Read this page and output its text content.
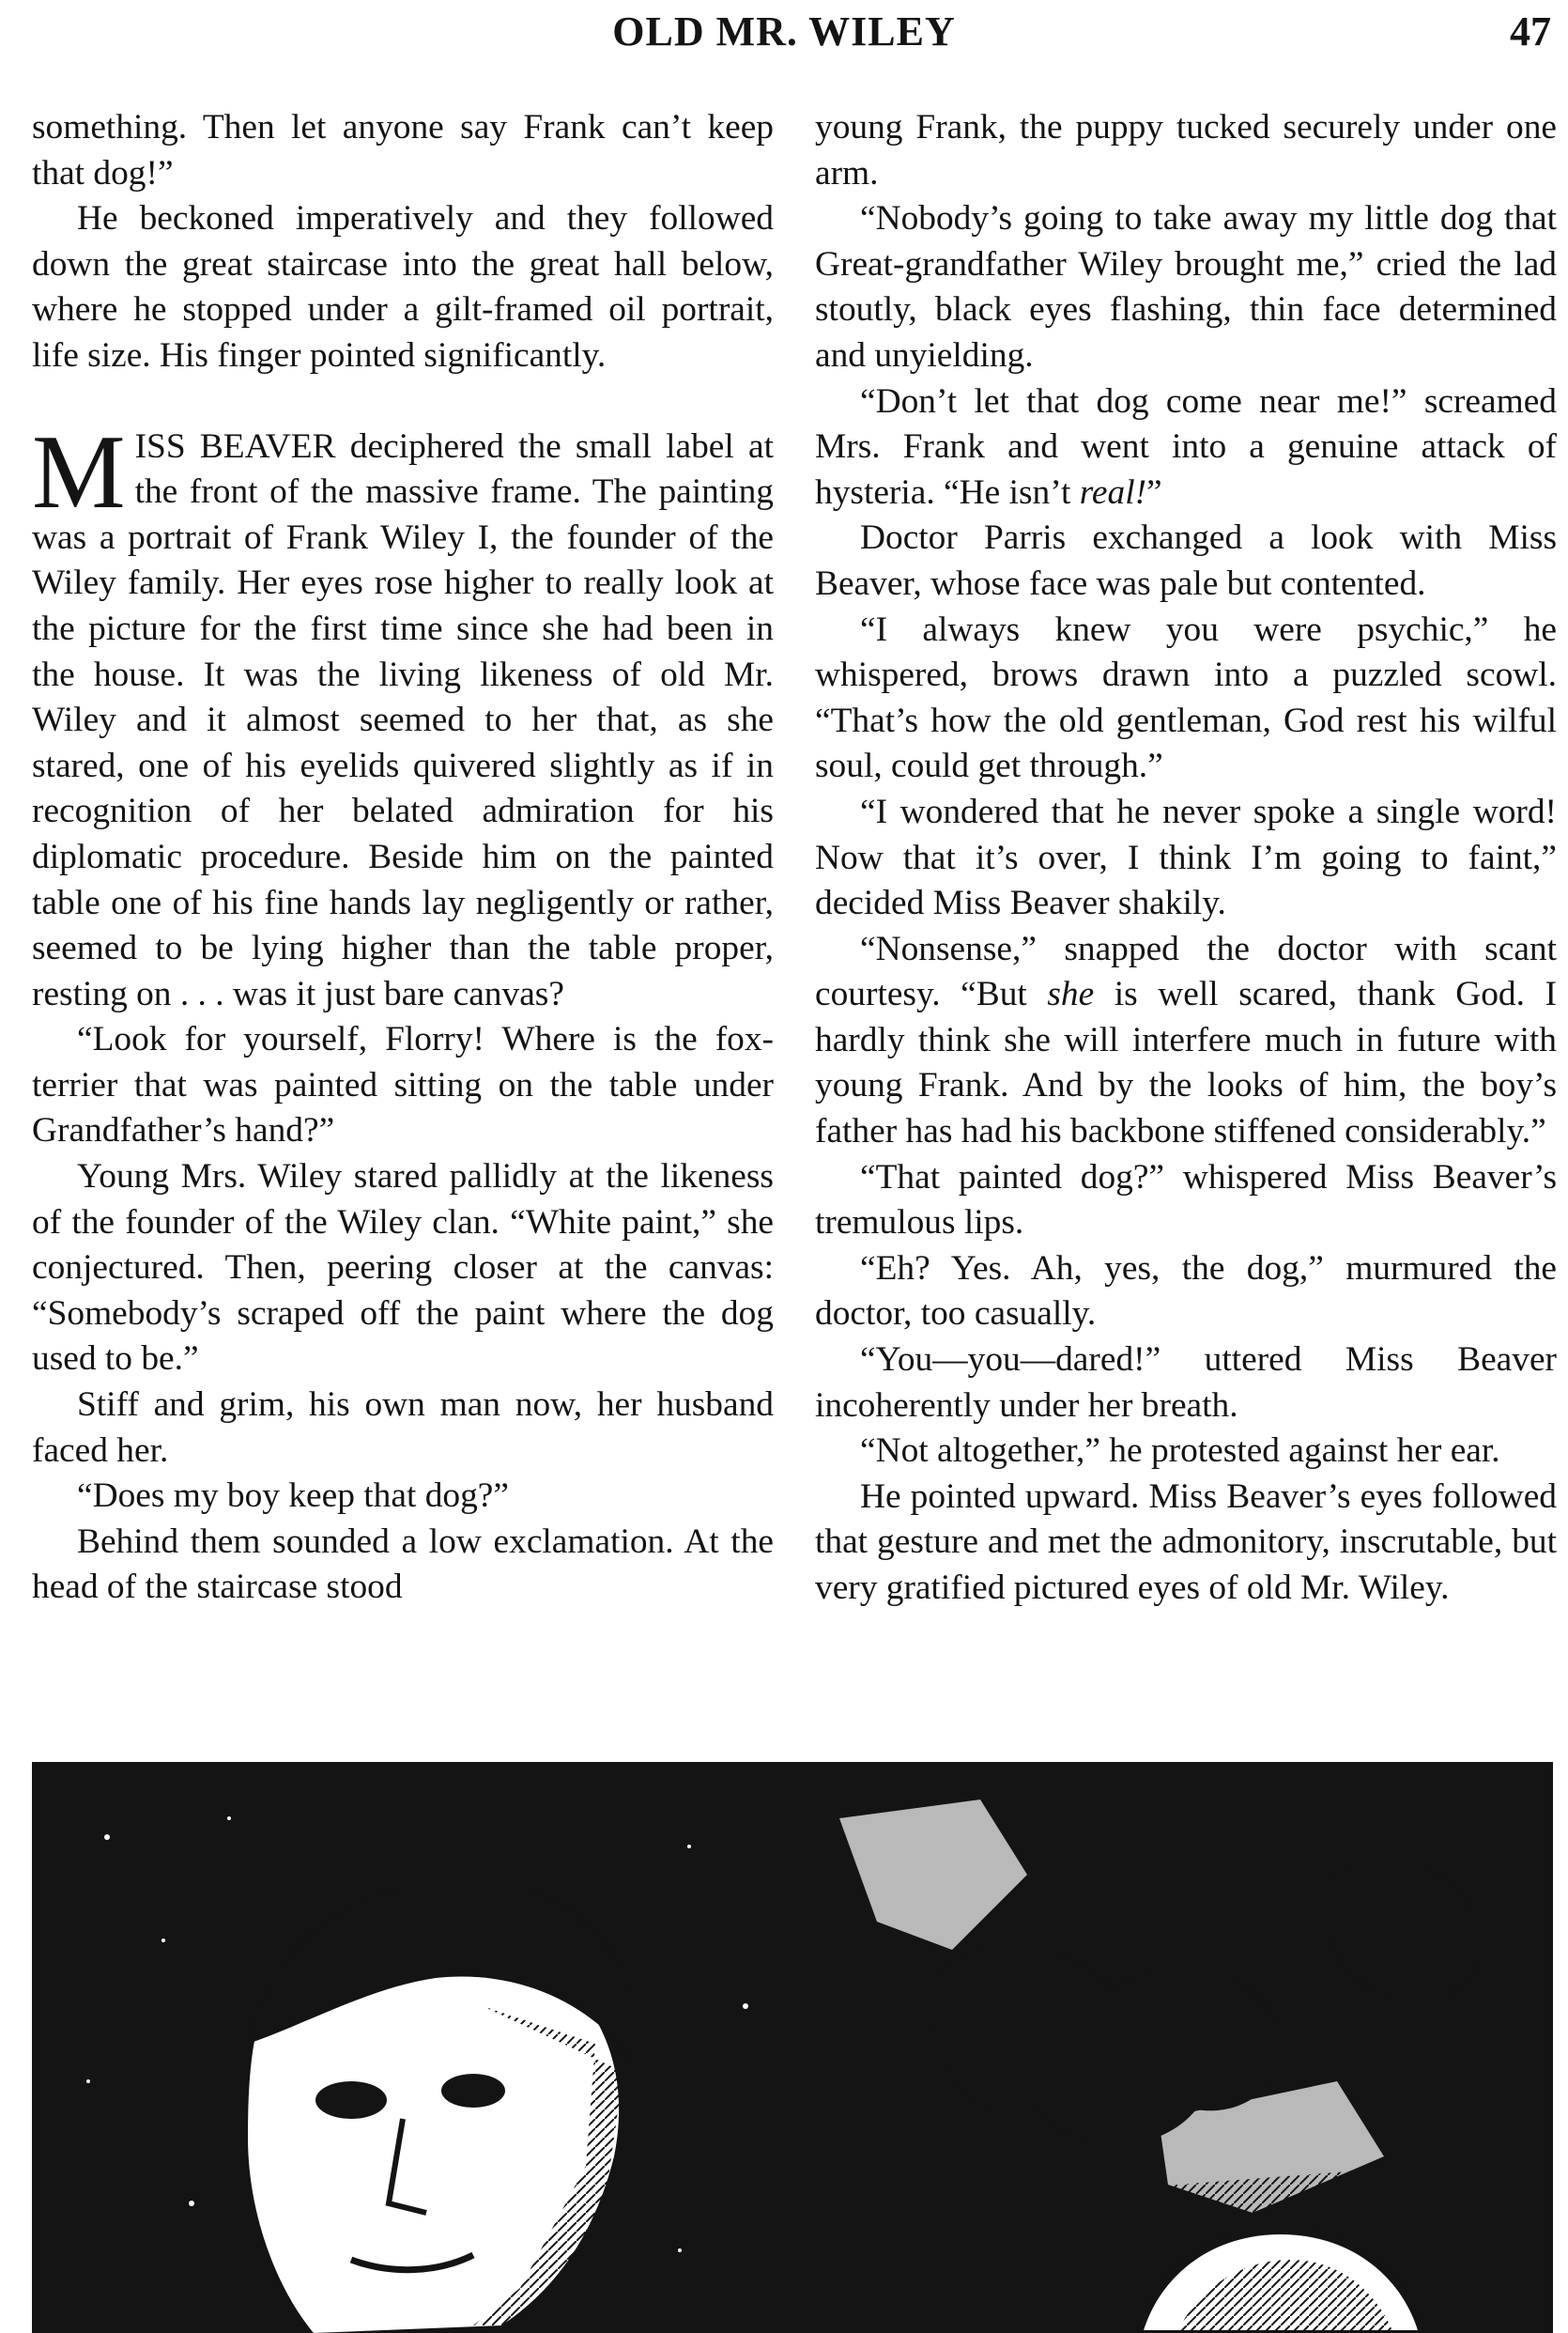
OLD MR. WILEY	47

something. Then let anyone say Frank can’t keep that dog!”

He beckoned imperatively and they followed down the great staircase into the great hall below, where he stopped under a gilt-framed oil portrait, life size. His finger pointed significantly.

MISS BEAVER deciphered the small label at the front of the massive frame. The painting was a portrait of Frank Wiley I, the founder of the Wiley family. Her eyes rose higher to really look at the picture for the first time since she had been in the house. It was the living likeness of old Mr. Wiley and it almost seemed to her that, as she stared, one of his eyelids quivered slightly as if in recognition of her belated admiration for his diplomatic procedure. Beside him on the painted table one of his fine hands lay negligently or rather, seemed to be lying higher than the table proper, resting on . . . was it just bare canvas?

“Look for yourself, Florry! Where is the fox-terrier that was painted sitting on the table under Grandfather’s hand?”

Young Mrs. Wiley stared pallidly at the likeness of the founder of the Wiley clan. “White paint,” she conjectured. Then, peering closer at the canvas: “Somebody’s scraped off the paint where the dog used to be.”

Stiff and grim, his own man now, her husband faced her.

“Does my boy keep that dog?”

Behind them sounded a low exclamation. At the head of the staircase stood

young Frank, the puppy tucked securely under one arm.

“Nobody’s going to take away my little dog that Great-grandfather Wiley brought me,” cried the lad stoutly, black eyes flashing, thin face determined and unyielding.

“Don’t let that dog come near me!” screamed Mrs. Frank and went into a genuine attack of hysteria. “He isn’t real!”

Doctor Parris exchanged a look with Miss Beaver, whose face was pale but contented.

“I always knew you were psychic,” he whispered, brows drawn into a puzzled scowl. “That’s how the old gentleman, God rest his wilful soul, could get through.”

“I wondered that he never spoke a single word! Now that it’s over, I think I’m going to faint,” decided Miss Beaver shakily.

“Nonsense,” snapped the doctor with scant courtesy. “But she is well scared, thank God. I hardly think she will interfere much in future with young Frank. And by the looks of him, the boy’s father has had his backbone stiffened considerably.”

“That painted dog?” whispered Miss Beaver’s tremulous lips.

“Eh? Yes. Ah, yes, the dog,” murmured the doctor, too casually.

“You—you—dared!” uttered Miss Beaver incoherently under her breath.

“Not altogether,” he protested against her ear.

He pointed upward. Miss Beaver’s eyes followed that gesture and met the admonitory, inscrutable, but very gratified pictured eyes of old Mr. Wiley.
